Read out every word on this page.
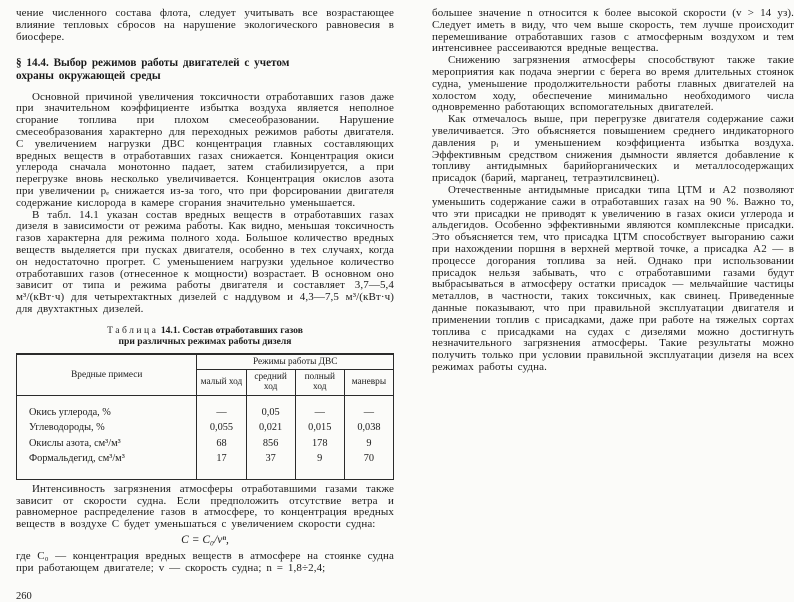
чение численного состава флота, следует учитывать все возрастающее влияние тепловых сбросов на нарушение экологического равновесия в биосфере.

§ 14.4. Выбор режимов работы двигателей с учетом
охраны окружающей среды

Основной причиной увеличения токсичности отработавших газов даже при значительном коэффициенте избытка воздуха является неполное сгорание топлива при плохом смесеобразовании. Нарушение смесеобразования характерно для переходных режимов работы двигателя. С увеличением нагрузки ДВС концентрация главных составляющих вредных веществ в отработавших газах снижается. Концентрация окиси углерода сначала монотонно падает, затем стабилизируется, а при перегрузке вновь несколько увеличивается. Концентрация окислов азота при увеличении pₑ снижается из-за того, что при форсировании двигателя содержание кислорода в камере сгорания значительно уменьшается.

В табл. 14.1 указан состав вредных веществ в отработавших газах дизеля в зависимости от режима работы. Как видно, меньшая токсичность газов характерна для режима полного хода. Большое количество вредных веществ выделяется при пусках двигателя, особенно в тех случаях, когда он недостаточно прогрет. С уменьшением нагрузки удельное количество отработавших газов (отнесенное к мощности) возрастает. В основном оно зависит от типа и режима работы двигателя и составляет 3,7—5,4 м³/(кВт·ч) для четырехтактных дизелей с наддувом и 4,3—7,5 м³/(кВт·ч) для двухтактных дизелей.

Таблица 14.1. Состав отработавших газов
при различных режимах работы дизеля
Вредные примеси	Режимы работы ДВС			
	малый ход	средний ход	полный ход	маневры
Окись углерода, %	—	0,05	—	—
Углеводороды, %	0,055	0,021	0,015	0,038
Окислы азота, см³/м³	68	856	178	9
Формальдегид, см³/м³	17	37	9	70

Интенсивность загрязнения атмосферы отработавшими газами также зависит от скорости судна. Если предположить отсутствие ветра и равномерное распределение газов в атмосфере, то концентрация вредных веществ в воздухе C будет уменьшаться с увеличением скорости судна:

C = C₀/vⁿ,

где C₀ — концентрация вредных веществ в атмосфере на стоянке судна при работающем двигателе; v — скорость судна; n = 1,8÷2,4;

260

большее значение n относится к более высокой скорости (v > 14 уз). Следует иметь в виду, что чем выше скорость, тем лучше происходит перемешивание отработавших газов с атмосферным воздухом и тем интенсивнее рассеиваются вредные вещества.

Снижению загрязнения атмосферы способствуют также такие мероприятия как подача энергии с берега во время длительных стоянок судна, уменьшение продолжительности работы главных двигателей на холостом ходу, обеспечение минимально необходимого числа одновременно работающих вспомогательных двигателей.

Как отмечалось выше, при перегрузке двигателя содержание сажи увеличивается. Это объясняется повышением среднего индикаторного давления pᵢ и уменьшением коэффициента избытка воздуха. Эффективным средством снижения дымности является добавление к топливу антидымных барийорганических и металлосодержащих присадок (барий, марганец, тетраэтилсвинец).

Отечественные антидымные присадки типа ЦТМ и А2 позволяют уменьшить содержание сажи в отработавших газах на 90 %. Важно то, что эти присадки не приводят к увеличению в газах окиси углерода и альдегидов. Особенно эффективными являются комплексные присадки. Это объясняется тем, что присадка ЦТМ способствует выгоранию сажи при нахождении поршня в верхней мертвой точке, а присадка А2 — в процессе догорания топлива за ней. Однако при использовании присадок нельзя забывать, что с отработавшими газами будут выбрасываться в атмосферу остатки присадок — мельчайшие частицы металлов, в частности, таких токсичных, как свинец. Приведенные данные показывают, что при правильной эксплуатации двигателя и применении топлив с присадками, даже при работе на тяжелых сортах топлива с присадками на судах с дизелями можно достигнуть незначительного загрязнения атмосферы. Такие результаты можно получить только при условии правильной эксплуатации дизеля на всех режимах работы судна.
